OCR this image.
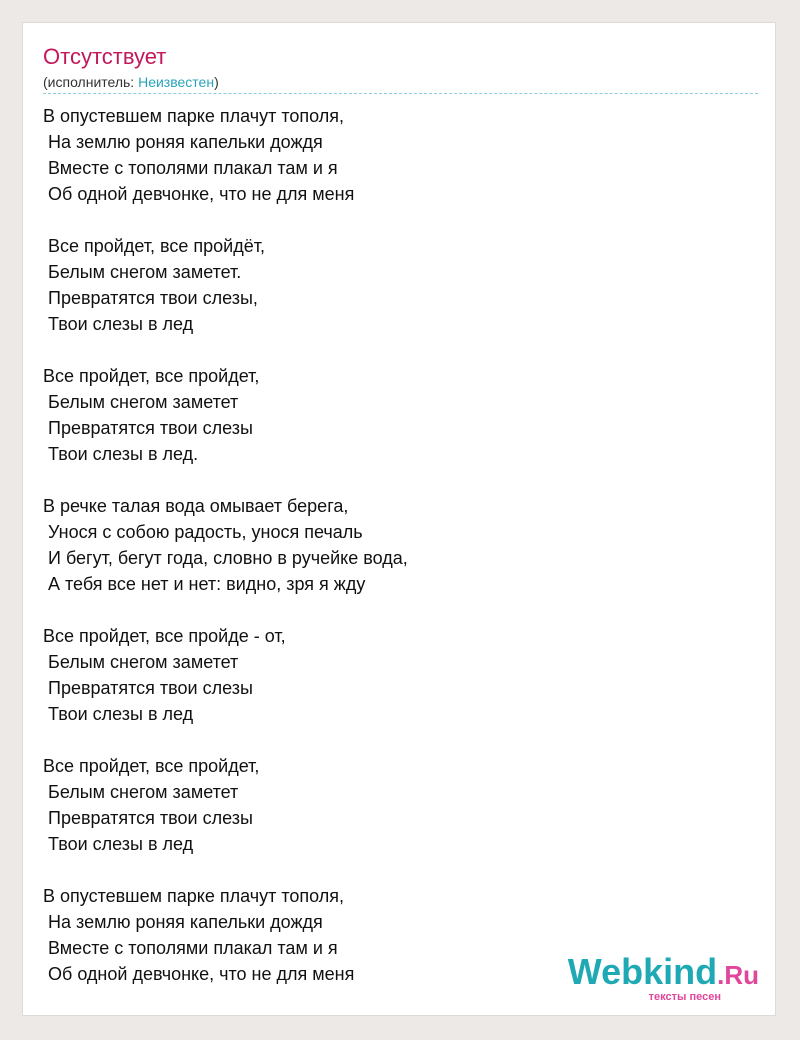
Отсутствует
(исполнитель: Неизвестен)
В опустевшем парке плачут тополя,
На землю роняя капельки дождя
Вместе с тополями плакал там и я
Об одной девчонке, что не для меня
Все пройдет, все пройдёт,
Белым снегом заметет.
Превратятся твои слезы,
Твои слезы в лед
Все пройдет, все пройдет,
Белым снегом заметет
Превратятся твои слезы
Твои слезы в лед.
В речке талая вода омывает берега,
Унося с собою радость, унося печаль
И бегут, бегут года, словно в ручейке вода,
А тебя все нет и нет: видно, зря я жду
Все пройдет, все пройде - от,
Белым снегом заметет
Превратятся твои слезы
Твои слезы в лед
Все пройдет, все пройдет,
Белым снегом заметет
Превратятся твои слезы
Твои слезы в лед
В опустевшем парке плачут тополя,
На землю роняя капельки дождя
Вместе с тополями плакал там и я
Об одной девчонке, что не для меня	Webkind.Ru
тексты песен
